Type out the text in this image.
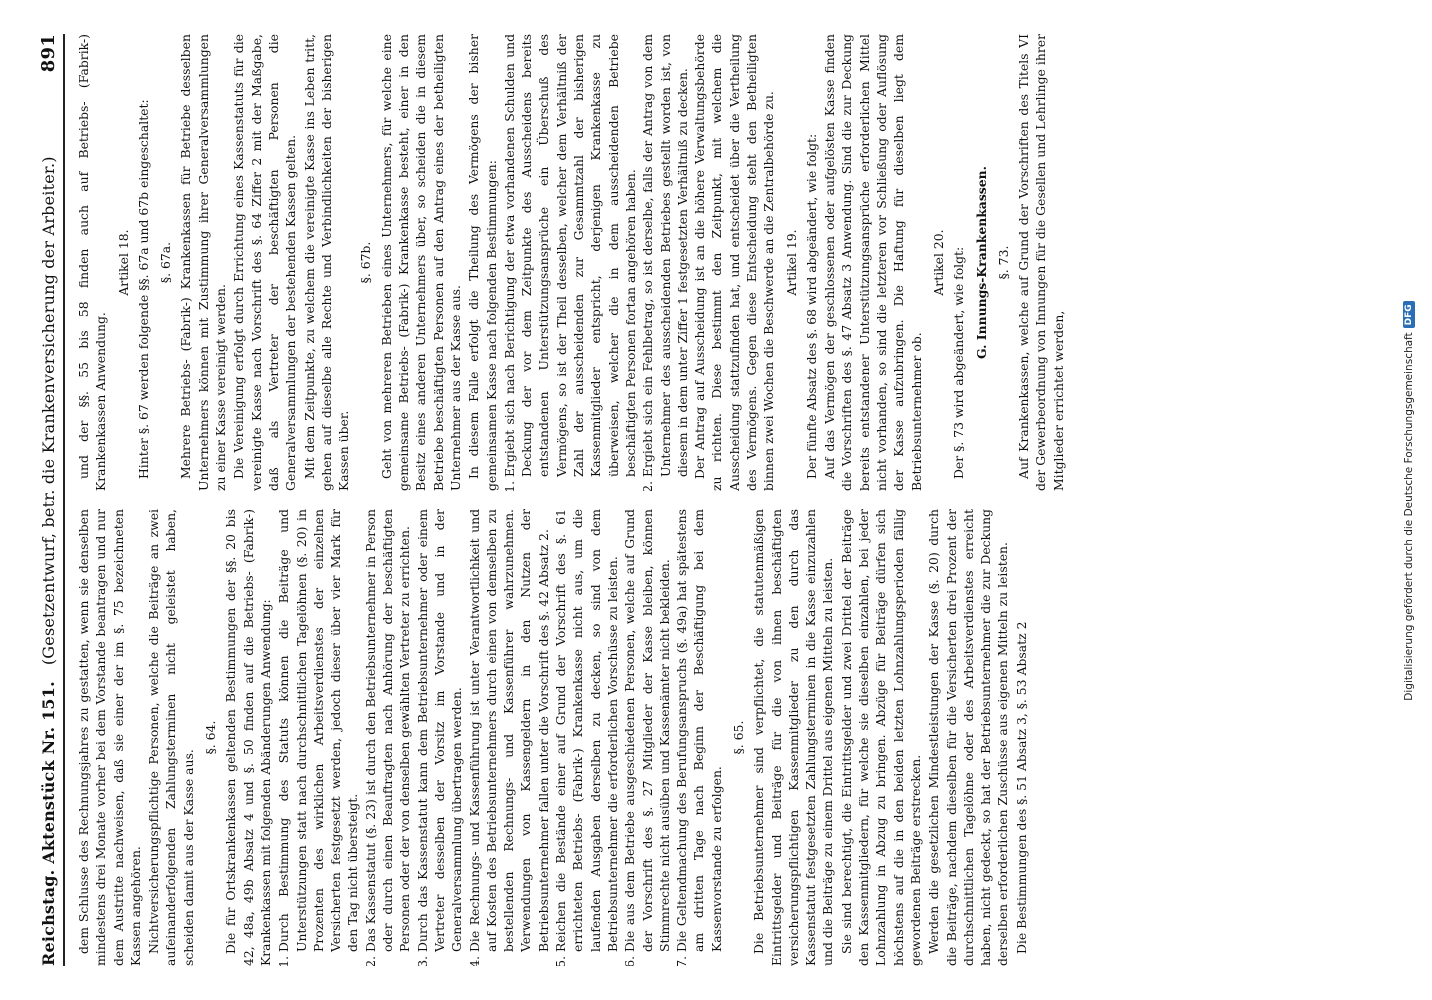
Reichstag. Aktenstück Nr. 151.
(Gesetzentwurf, betr. die Krankenversicherung der Arbeiter.)
891

dem Schlusse des Rechnungsjahres zu gestatten, wenn sie denselben mindestens drei Monate vorher bei dem Vorstande beantragen und nur dem Austritte nachweisen, daß sie einer der im §. 75 bezeichneten Kassen angehören. Nichtversicherungspflichtige Personen, welche die Beiträge an zwei aufeinanderfolgenden Zahlungsterminen nicht geleistet haben, scheiden damit aus der Kasse aus.

§. 64. Die für Ortskrankenkassen geltenden Bestimmungen der §§. 20 bis 42, 48a, 49b Absatz 4 und §. 50 finden auf die Betriebs- (Fabrik-) Krankenkassen mit folgenden Abänderungen Anwendung: 1. Durch Bestimmung des Statuts können die Beiträge und Unterstützungen statt nach durchschnittlichen Tagelöhnen (§. 20) in Prozenten des wirklichen Arbeitsverdienstes der einzelnen Versicherten festgesetzt werden, jedoch dieser über vier Mark für den Tag nicht übersteigt. 2. Das Kassenstatut (§. 23) ist durch den Betriebsunternehmer in Person oder durch einen Beauftragten nach Anhörung der beschäftigten Personen oder der von denselben gewählten Vertreter zu errichten. 3. Durch das Kassenstatut kann dem Betriebsunternehmer oder einem Vertreter desselben der Vorsitz im Vorstande und in der Generalversammlung übertragen werden. 4. Die Rechnungs- und Kassenführung ist unter Verantwortlichkeit und auf Kosten des Betriebsunternehmers durch einen von demselben zu bestellenden Rechnungs- und Kassenführer wahrzunehmen. Verwendungen von Kassengeldern in den Nutzen der Betriebsunternehmer fallen unter die Vorschrift des §. 42 Absatz 2. 5. Reichen die Bestände einer auf Grund der Vorschrift des §. 61 errichteten Betriebs- (Fabrik-) Krankenkasse nicht aus, um die laufenden Ausgaben derselben zu decken, so sind von dem Betriebsunternehmer die erforderlichen Vorschüsse zu leisten. 6. Die aus dem Betriebe ausgeschiedenen Personen, welche auf Grund der Vorschrift des §. 27 Mitglieder der Kasse bleiben, können Stimmrechte nicht ausüben und Kassenämter nicht bekleiden. 7. Die Geltendmachung des Berufungsanspruchs (§. 49a) hat spätestens am dritten Tage nach Beginn der Beschäftigung bei dem Kassenvorstande zu erfolgen.

§. 65. Die Betriebsunternehmer sind verpflichtet, die statutenmäßigen Eintrittsgelder und Beiträge für die von ihnen beschäftigten versicherungspflichtigen Kassenmitglieder zu den durch das Kassenstatut festgesetzten Zahlungsterminen in die Kasse einzuzahlen und die Beiträge zu einem Drittel aus eigenen Mitteln zu leisten. Sie sind berechtigt, die Eintrittsgelder und zwei Drittel der Beiträge den Kassenmitgliedern, für welche sie dieselben einzahlen, bei jeder Lohnzahlung in Abzug zu bringen. Abzüge für Beiträge dürfen sich höchstens auf die in den beiden letzten Lohnzahlungsperioden fällig gewordenen Beiträge erstrecken. Werden die gesetzlichen Mindestleistungen der Kasse (§. 20) durch die Beiträge, nachdem dieselben für die Versicherten drei Prozent der durchschnittlichen Tagelöhne oder des Arbeitsverdienstes erreicht haben, nicht gedeckt, so hat der Betriebsunternehmer die zur Deckung derselben erforderlichen Zuschüsse aus eigenen Mitteln zu leisten. Die Bestimmungen des §. 51 Absatz 3, §. 53 Absatz 2

und der §§. 55 bis 58 finden auch auf Betriebs- (Fabrik-) Krankenkassen Anwendung.

Artikel 18. Hinter §. 67 werden folgende §§. 67a und 67b eingeschaltet: §. 67a. Mehrere Betriebs- (Fabrik-) Krankenkassen für Betriebe desselben Unternehmers können mit Zustimmung ihrer Generalversammlungen zu einer Kasse vereinigt werden. Die Vereinigung erfolgt durch Errichtung eines Kassenstatuts für die vereinigte Kasse nach Vorschrift des §. 64 Ziffer 2 mit der Maßgabe, daß als Vertreter der beschäftigten Personen die Generalversammlungen der bestehenden Kassen gelten. Mit dem Zeitpunkte, zu welchem die vereinigte Kasse ins Leben tritt, gehen auf dieselbe alle Rechte und Verbindlichkeiten der bisherigen Kassen über.

§. 67b. Geht von mehreren Betrieben eines Unternehmers, für welche eine gemeinsame Betriebs- (Fabrik-) Krankenkasse besteht, einer in den Besitz eines anderen Unternehmers über, so scheiden die in diesem Betriebe beschäftigten Personen auf den Antrag eines der betheiligten Unternehmer aus der Kasse aus. In diesem Falle erfolgt die Theilung des Vermögens der bisher gemeinsamen Kasse nach folgenden Bestimmungen: 1. Ergiebt sich nach Berichtigung der etwa vorhandenen Schulden und Deckung der vor dem Zeitpunkte des Ausscheidens bereits entstandenen Unterstützungsansprüche ein Überschuß des Vermögens, so ist der Theil desselben, welcher dem Verhältniß der Zahl der ausscheidenden zur Gesammtzahl der bisherigen Kassenmitglieder entspricht, derjenigen Krankenkasse zu überweisen, welcher die in dem ausscheidenden Betriebe beschäftigten Personen fortan angehören haben. 2. Ergiebt sich ein Fehlbetrag, so ist derselbe, falls der Antrag von dem Unternehmer des ausscheidenden Betriebes gestellt worden ist, von diesem in dem unter Ziffer 1 festgesetzten Verhältniß zu decken. Der Antrag auf Ausscheidung ist an die höhere Verwaltungsbehörde zu richten. Diese bestimmt den Zeitpunkt, mit welchem die Ausscheidung stattzufinden hat, und entscheidet über die Vertheilung des Vermögens. Gegen diese Entscheidung steht den Betheiligten binnen zwei Wochen die Beschwerde an die Zentralbehörde zu. Artikel 19. Der fünfte Absatz des §. 68 wird abgeändert, wie folgt: Auf das Vermögen der geschlossenen oder aufgelösten Kasse finden die Vorschriften des §. 47 Absatz 3 Anwendung. Sind die zur Deckung bereits entstandener Unterstützungsansprüche erforderlichen Mittel nicht vorhanden, so sind die letzteren vor Schließung oder Auflösung der Kasse aufzubringen. Die Haftung für dieselben liegt dem Betriebsunternehmer ob.

Artikel 20. Der §. 73 wird abgeändert, wie folgt: G. Innungs-Krankenkassen. §. 73. Auf Krankenkassen, welche auf Grund der Vorschriften des Titels VI der Gewerbeordnung von Innungen für die Gesellen und Lehrlinge ihrer Mitglieder errichtet werden,	Digitalisierung gefördert durch die Deutsche Forschungsgemeinschaft
DFG
